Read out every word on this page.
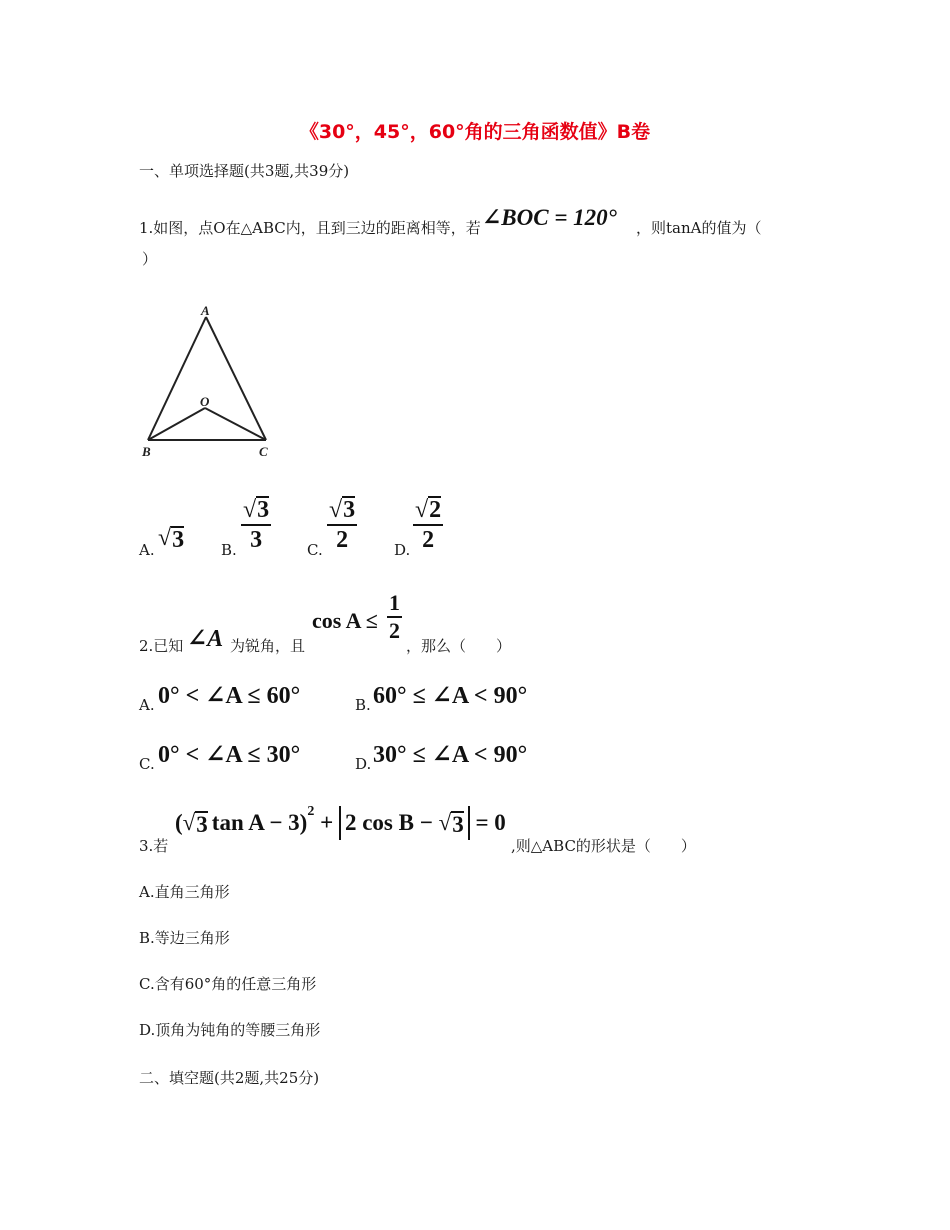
《30°，45°，60°角的三角函数值》B卷
一、单项选择题(共3题,共39分)
1.如图，点O在△ABC内，且到三边的距离相等，若 ∠BOC = 120° ，则tanA的值为（
）
A
O
B	C
A. √ 3 B. $\frac{√ 3}{3} C$. $\frac{√ 3}{2} D$. $\frac{√ 2}{2}$
2.已知 ∠A 为锐角，且
$\cos A \le \frac{1}{2}$
，那么（　　）
A. 0° < ∠A ≤ 60°	B. 60° ≤ ∠A < 90°
C. 0° < ∠A ≤ 30°	D. 30° ≤ ∠A < 90°
3.若
( √ 3 tan A − 3)$^2$ + 2 cos B − √ 3 = 0
,则△ABC的形状是（　　）
A.直角三角形
B.等边三角形
C.含有60°角的任意三角形
D.顶角为钝角的等腰三角形
二、填空题(共2题,共25分)
